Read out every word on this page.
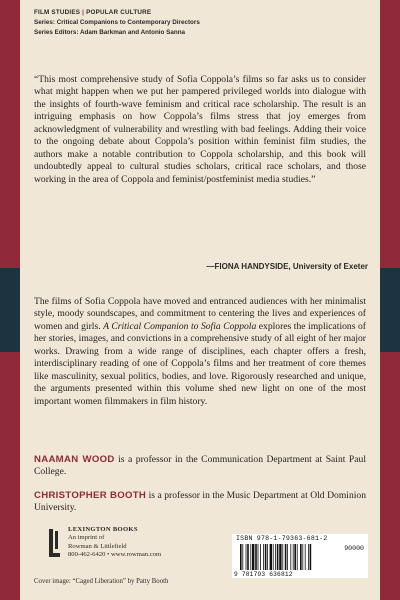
FILM STUDIES | POPULAR CULTURE
Series: Critical Companions to Contemporary Directors
Series Editors: Adam Barkman and Antonio Sanna
“This most comprehensive study of Sofia Coppola’s films so far asks us to consider what might happen when we put her pampered privileged worlds into dialogue with the insights of fourth-wave feminism and critical race scholarship. The result is an intriguing emphasis on how Coppola’s films stress that joy emerges from acknowledgment of vulnerability and wrestling with bad feelings. Adding their voice to the ongoing debate about Coppola’s position within feminist film studies, the authors make a notable contribution to Coppola scholarship, and this book will undoubtedly appeal to cultural studies scholars, critical race scholars, and those working in the area of Coppola and feminist/postfeminist media studies.”
—FIONA HANDYSIDE, University of Exeter
The films of Sofia Coppola have moved and entranced audiences with her minimalist style, moody soundscapes, and commitment to centering the lives and experiences of women and girls. A Critical Companion to Sofia Coppola explores the implications of her stories, images, and convictions in a comprehensive study of all eight of her major works. Drawing from a wide range of disciplines, each chapter offers a fresh, interdisciplinary reading of one of Coppola’s films and her treatment of core themes like masculinity, sexual politics, bodies, and love. Rigorously researched and unique, the arguments presented within this volume shed new light on one of the most important women filmmakers in film history.
NAAMAN WOOD is a professor in the Communication Department at Saint Paul College.
CHRISTOPHER BOOTH is a professor in the Music Department at Old Dominion University.
LEXINGTON BOOKS
An imprint of
Rowman & Littlefield
800-462-6420 • www.rowman.com
Cover image: “Caged Liberation” by Patty Booth
ISBN 978-1-79363-681-2
90000
9 781793 636812
